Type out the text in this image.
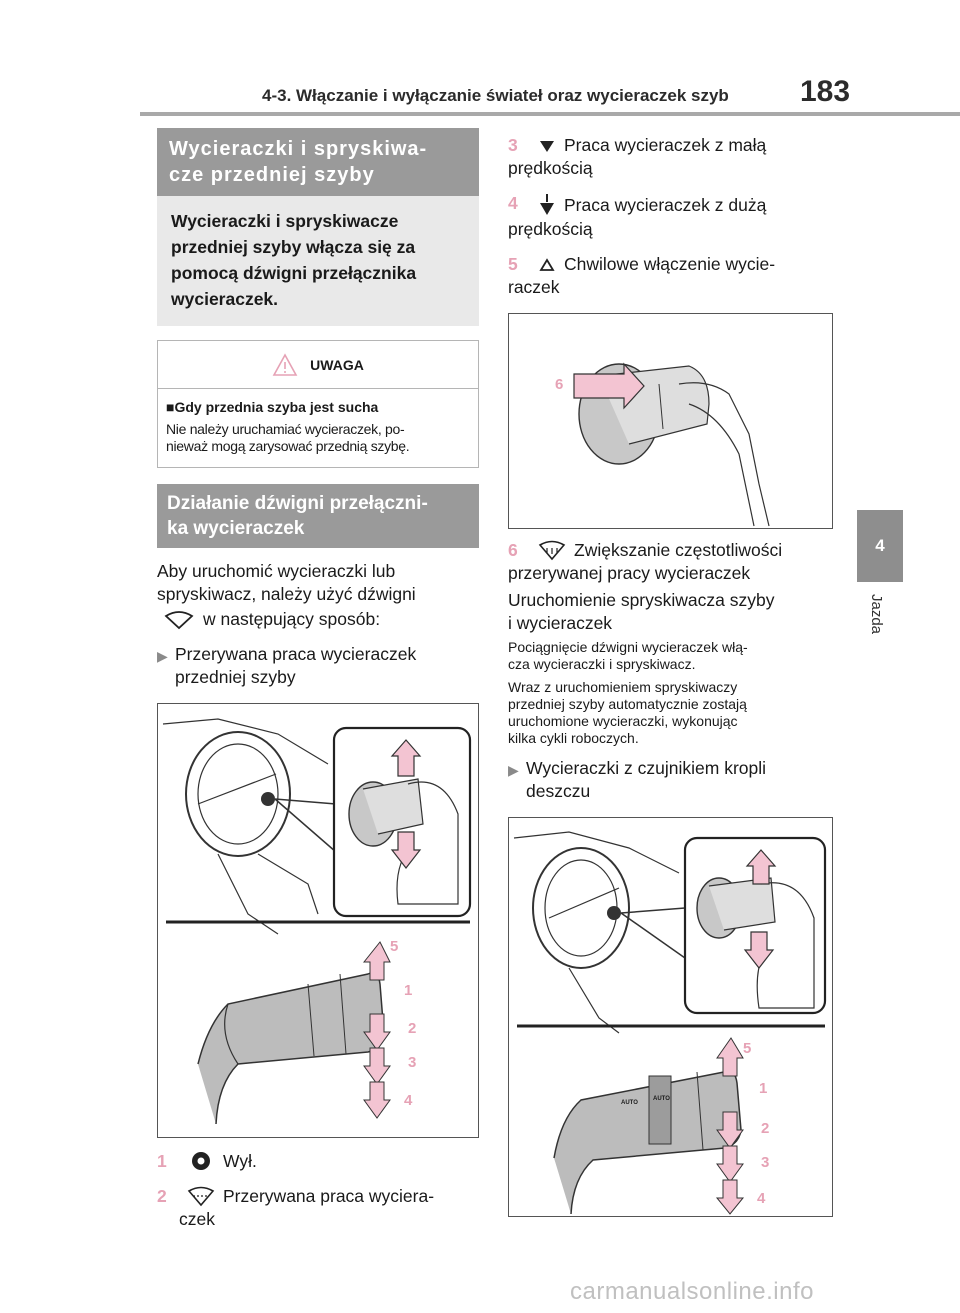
183
4-3. Włączanie i wyłączanie świateł oraz wycieraczek szyb
4
Jazda
Wycieraczki i spryskiwa-
cze przedniej szyby
Wycieraczki i spryskiwacze
przedniej szyby włącza się za
pomocą dźwigni przełącznika
wycieraczek.
UWAGA
■Gdy przednia szyba jest sucha
Nie należy uruchamiać wycieraczek, po-
nieważ mogą zarysować przednią szybę.
Działanie dźwigni przełączni-
ka wycieraczek
Aby uruchomić wycieraczki lub
spryskiwacz, należy użyć dźwigni
w następujący sposób:
▶ Przerywana praca wycieraczek
przedniej szyby
5
1
2
3
4
1	Wył.
2	Przerywana praca wyciera-
czek
3	Praca wycieraczek z małą
prędkością
4	Praca wycieraczek z dużą
prędkością
5	Chwilowe włączenie wycie-
raczek
6
6	Zwiększanie częstotliwości
przerywanej pracy wycieraczek
Uruchomienie spryskiwacza szyby
i wycieraczek
Pociągnięcie dźwigni wycieraczek włą-
cza wycieraczki i spryskiwacz.
Wraz z uruchomieniem spryskiwaczy
przedniej szyby automatycznie zostają
uruchomione wycieraczki, wykonując
kilka cykli roboczych.
▶ Wycieraczki z czujnikiem kropli
deszczu
AUTO
AUTO
5
1
2
3
4
carmanualsonline.info
